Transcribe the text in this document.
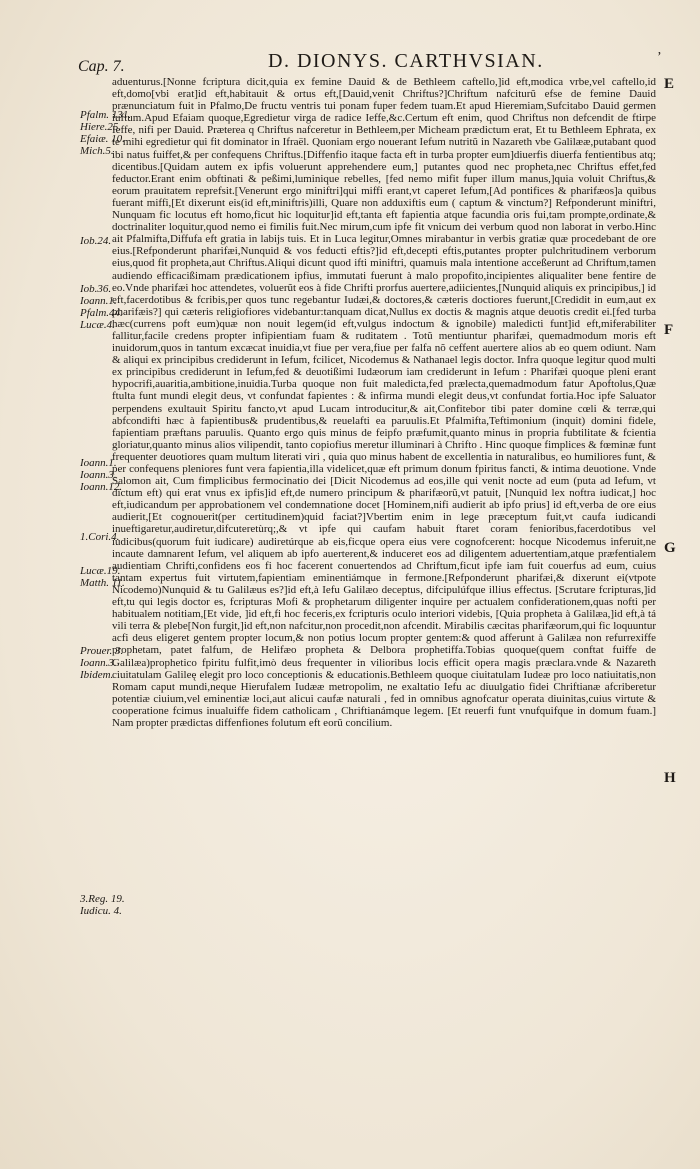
Cap. 7.	D. DIONYS. CARTHVSIAN.	ʼ
Pfalm. 131.
Hiere.25.
Efaiæ. 10.
Mich.5.
Iob.24.
Iob.36.
Ioann.1.
Pfalm.44.
Lucæ.4.
Ioann.1.
Ioann.3.
Ioann.12.
1.Cori.4.
Lucæ.19.
Matth. 11.
Prouer. 3.
Ioann.3.
Ibidem.
3.Reg. 19.
Iudicu. 4.
E
F
G
H

aduenturus.[Nonne fcriptura dicit,quia ex femine Dauid & de Bethleem caftello,]id eft,modica vrbe,vel caftello,id eft,domo[vbi erat]id eft,habitauit & ortus eft,[Dauid,venit Chriftus?]Chriftum nafciturũ efse de femine Dauid prænunciatum fuit in Pfalmo,De fructu ventris tui ponam fuper fedem tuam.Et apud Hieremiam,Sufcitabo Dauid germen iuftum.Apud Efaiam quoque,Egredietur virga de radice Ieffe,&c.Certum eft enim, quod Chriftus non defcendit de ftirpe Ieffe, nifi per Dauid. Præterea q Chriftus nafceretur in Bethleem,per Micheam prædictum erat, Et tu Bethleem Ephrata, ex te mihi egredietur qui fit dominator in Ifraël. Quoniam ergo nouerant Iefum nutritũ in Nazareth vbe Galilææ,putabant quod ibi natus fuiffet,& per confequens Chriftus.[Diffenfio itaque facta eft in turba propter eum]diuerfis diuerfa fentientibus atq; dicentibus.[Quidam autem ex ipfis voluerunt apprehendere eum,] putantes quod nec propheta,nec Chriftus effet,fed feductor.Erant enim obftinati & peßimi,luminique rebelles, [fed nemo mifit fuper illum manus,]quia voluit Chriftus,& eorum prauitatem reprefsit.[Venerunt ergo miniftri]qui miffi erant,vt caperet Iefum,[Ad pontifices & pharifæos]a quibus fuerant miffi,[Et dixerunt eis(id eft,miniftris)illi, Quare non adduxiftis eum ( captum & vinctum?] Refponderunt miniftri, Nunquam fic locutus eft homo,ficut hic loquitur]id eft,tanta eft fapientia atque facundia oris fui,tam prompte,ordinate,& doctrinaliter loquitur,quod nemo ei fimilis fuit.Nec mirum,cum ipfe fit vnicum dei verbum quod non laborat in verbo.Hinc ait Pfalmifta,Diffufa eft gratia in labijs tuis. Et in Luca legitur,Omnes mirabantur in verbis gratiæ quæ procedebant de ore eius.[Refponderunt pharifæi,Nunquid & vos feducti eftis?]id eft,decepti eftis,putantes propter pulchritudinem verborum eius,quod fit propheta,aut Chriftus.Aliqui dicunt quod ifti miniftri, quamuis mala intentione acceßerunt ad Chriftum,tamen audiendo efficacißimam prædicationem ipfius, immutati fuerunt à malo propofito,incipientes aliqualiter bene fentire de eo.Vnde pharifæi hoc attendetes, voluerũt eos à fide Chrifti prorfus auertere,adiicientes,[Nunquid aliquis ex principibus,] id eft,facerdotibus & fcribis,per quos tunc regebantur Iudæi,& doctores,& cæteris doctiores fuerunt,[Credidit in eum,aut ex pharifæis?] qui cæteris religiofiores videbantur:tanquam dicat,Nullus ex doctis & magnis atque deuotis credit ei.[fed turba hæc(currens poft eum)quæ non nouit legem(id eft,vulgus indoctum & ignobile) maledicti funt]id eft,miferabiliter fallitur,facile credens propter infipientiam fuam & ruditatem . Totũ mentiuntur pharifæi, quemadmodum moris eft inuidorum,quos in tantum excæcat inuidia,vt fiue per vera,fiue per falfa nõ ceffent auertere alios ab eo quem odiunt. Nam & aliqui ex principibus crediderunt in Iefum, fcilicet, Nicodemus & Nathanael legis doctor. Infra quoque legitur quod multi ex principibus crediderunt in Iefum,fed & deuotißimi Iudæorum iam crediderunt in Iefum : Pharifæi quoque pleni erant hypocrifi,auaritia,ambitione,inuidia.Turba quoque non fuit maledicta,fed prælecta,quemadmodum fatur Apoftolus,Quæ ftulta funt mundi elegit deus, vt confundat fapientes : & infirma mundi elegit deus,vt confundat fortia.Hoc ipfe Saluator perpendens exultauit Spiritu fancto,vt apud Lucam introducitur,& ait,Confitebor tibi pater domine cœli & terræ,qui abfcondifti hæc à fapientibus& prudentibus,& reuelafti ea paruulis.Et Pfalmifta,Teftimonium (inquit) domini fidele, fapientiam præftans paruulis. Quanto ergo quis minus de feipfo præfumit,quanto minus in propria fubtilitate & fcientia gloriatur,quanto minus alios vilipendit, tanto copiofius meretur illuminari à Chrifto . Hinc quoque fimplices & fœminæ funt frequenter deuotiores quam multum literati viri , quia quo minus habent de excellentia in naturalibus, eo humiliores funt, & per confequens pleniores funt vera fapientia,illa videlicet,quæ eft primum donum fpiritus fancti, & intima deuotione. Vnde Salomon ait, Cum fimplicibus fermocinatio dei [Dicit Nicodemus ad eos,ille qui venit nocte ad eum (puta ad Iefum, vt dictum eft) qui erat vnus ex ipfis]id eft,de numero principum & pharifæorũ,vt patuit, [Nunquid lex noftra iudicat,] hoc eft,iudicandum per approbationem vel condemnatione docet [Hominem,nifi audierit ab ipfo prius] id eft,verba de ore eius audierit,[Et cognouerit(per certitudinem)quid faciat?]Vbertim enim in lege præceptum fuit,vt caufa iudicandi inueftigaretur,audiretur,difcuteretùrq;,& vt ipfe qui caufam habuit ftaret coram fenioribus,facerdotibus vel iudicibus(quorum fuit iudicare) audiretúrque ab eis,ficque opera eius vere cognofcerent: hocque Nicodemus inferuit,ne incaute damnarent Iefum, vel aliquem ab ipfo auerterent,& induceret eos ad diligentem aduertentiam,atque præfentialem audientiam Chrifti,confidens eos fi hoc facerent conuertendos ad Chriftum,ficut ipfe iam fuit couerfus ad eum, cuius tantam expertus fuit virtutem,fapientiam eminentiámque in fermone.[Refponderunt pharifæi,& dixerunt ei(vtpote Nicodemo)Nunquid & tu Galilæus es?]id eft,à Iefu Galilæo deceptus, difcipulúfque illius effectus. [Scrutare fcripturas,]id eft,tu qui legis doctor es, fcripturas Mofi & prophetarum diligenter inquire per actualem confiderationem,quas nofti per habitualem notitiam,[Et vide, ]id eft,fi hoc feceris,ex fcripturis oculo interiori videbis, [Quia propheta à Galilæa,]id eft,à tá vili terra & plebe[Non furgit,]id eft,non nafcitur,non procedit,non afcendit. Mirabilis cæcitas pharifæorum,qui fic loquuntur acfi deus eligeret gentem propter locum,& non potius locum propter gentem:& quod afferunt à Galilæa non refurrexiffe prophetam, patet falfum, de Helifæo propheta & Delbora prophetiffa.Tobias quoque(quem conftat fuiffe de Galilæa)prophetico fpiritu fulfit,imò deus frequenter in vilioribus locis efficit opera magis præclara.vnde & Nazareth ciuitatulam Galileę elegit pro loco conceptionis & educationis.Bethleem quoque ciuitatulam Iudeæ pro loco natiuitatis,non Romam caput mundi,neque Hierufalem Iudææ metropolim, ne exaltatio Iefu ac diuulgatio fidei Chriftianæ afcriberetur potentiæ ciuium,vel eminentiæ loci,aut alicui caufæ naturali , fed in omnibus agnofcatur operata diuinitas,cuius virtute & cooperatione fcimus inualuiffe fidem catholicam , Chriftianámque legem. [Et reuerfi funt vnufquifque in domum fuam.] Nam propter prædictas diffenfiones folutum eft eorũ concilium.
